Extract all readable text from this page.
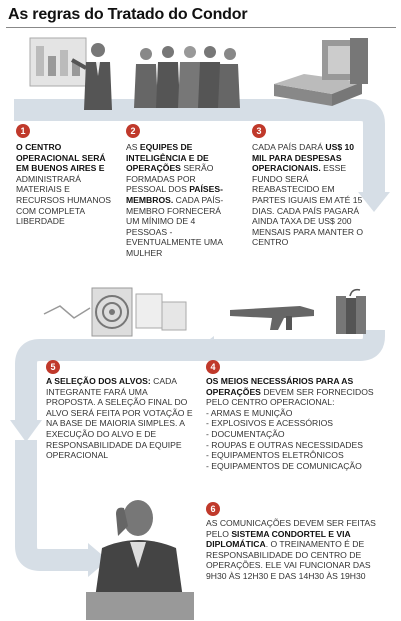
As regras do Tratado do Condor
1
O CENTRO OPERACIONAL SERÁ EM BUENOS AIRES E ADMINISTRARÁ MATERIAIS E RECURSOS HUMANOS COM COMPLETA LIBERDADE
2
AS EQUIPES DE INTELIGÊNCIA E DE OPERAÇÕES SERÃO FORMADAS POR PESSOAL DOS PAÍSES-MEMBROS. CADA PAÍS-MEMBRO FORNECERÁ UM MÍNIMO DE 4 PESSOAS - EVENTUALMENTE UMA MULHER
3
CADA PAÍS DARÁ US$ 10 MIL PARA DESPESAS OPERACIONAIS. ESSE FUNDO SERÁ REABASTECIDO EM PARTES IGUAIS EM ATÉ 15 DIAS. CADA PAÍS PAGARÁ AINDA TAXA DE US$ 200 MENSAIS PARA MANTER O CENTRO
5
A SELEÇÃO DOS ALVOS: CADA INTEGRANTE FARÁ UMA PROPOSTA. A SELEÇÃO FINAL DO ALVO SERÁ FEITA POR VOTAÇÃO E NA BASE DE MAIORIA SIMPLES. A EXECUÇÃO DO ALVO E DE RESPONSABILIDADE DA EQUIPE OPERACIONAL
4
OS MEIOS NECESSÁRIOS PARA AS OPERAÇÕES DEVEM SER FORNECIDOS PELO CENTRO OPERACIONAL:
- ARMAS E MUNIÇÃO
- EXPLOSIVOS E ACESSÓRIOS
- DOCUMENTAÇÃO
- ROUPAS E OUTRAS NECESSIDADES
- EQUIPAMENTOS ELETRÔNICOS
- EQUIPAMENTOS DE COMUNICAÇÃO
6
AS COMUNICAÇÕES DEVEM SER FEITAS PELO SISTEMA CONDORTEL E VIA DIPLOMÁTICA. O TREINAMENTO É DE RESPONSABILIDADE DO CENTRO DE OPERAÇÕES. ELE VAI FUNCIONAR DAS 9H30 ÀS 12H30 E DAS 14H30 ÀS 19H30
